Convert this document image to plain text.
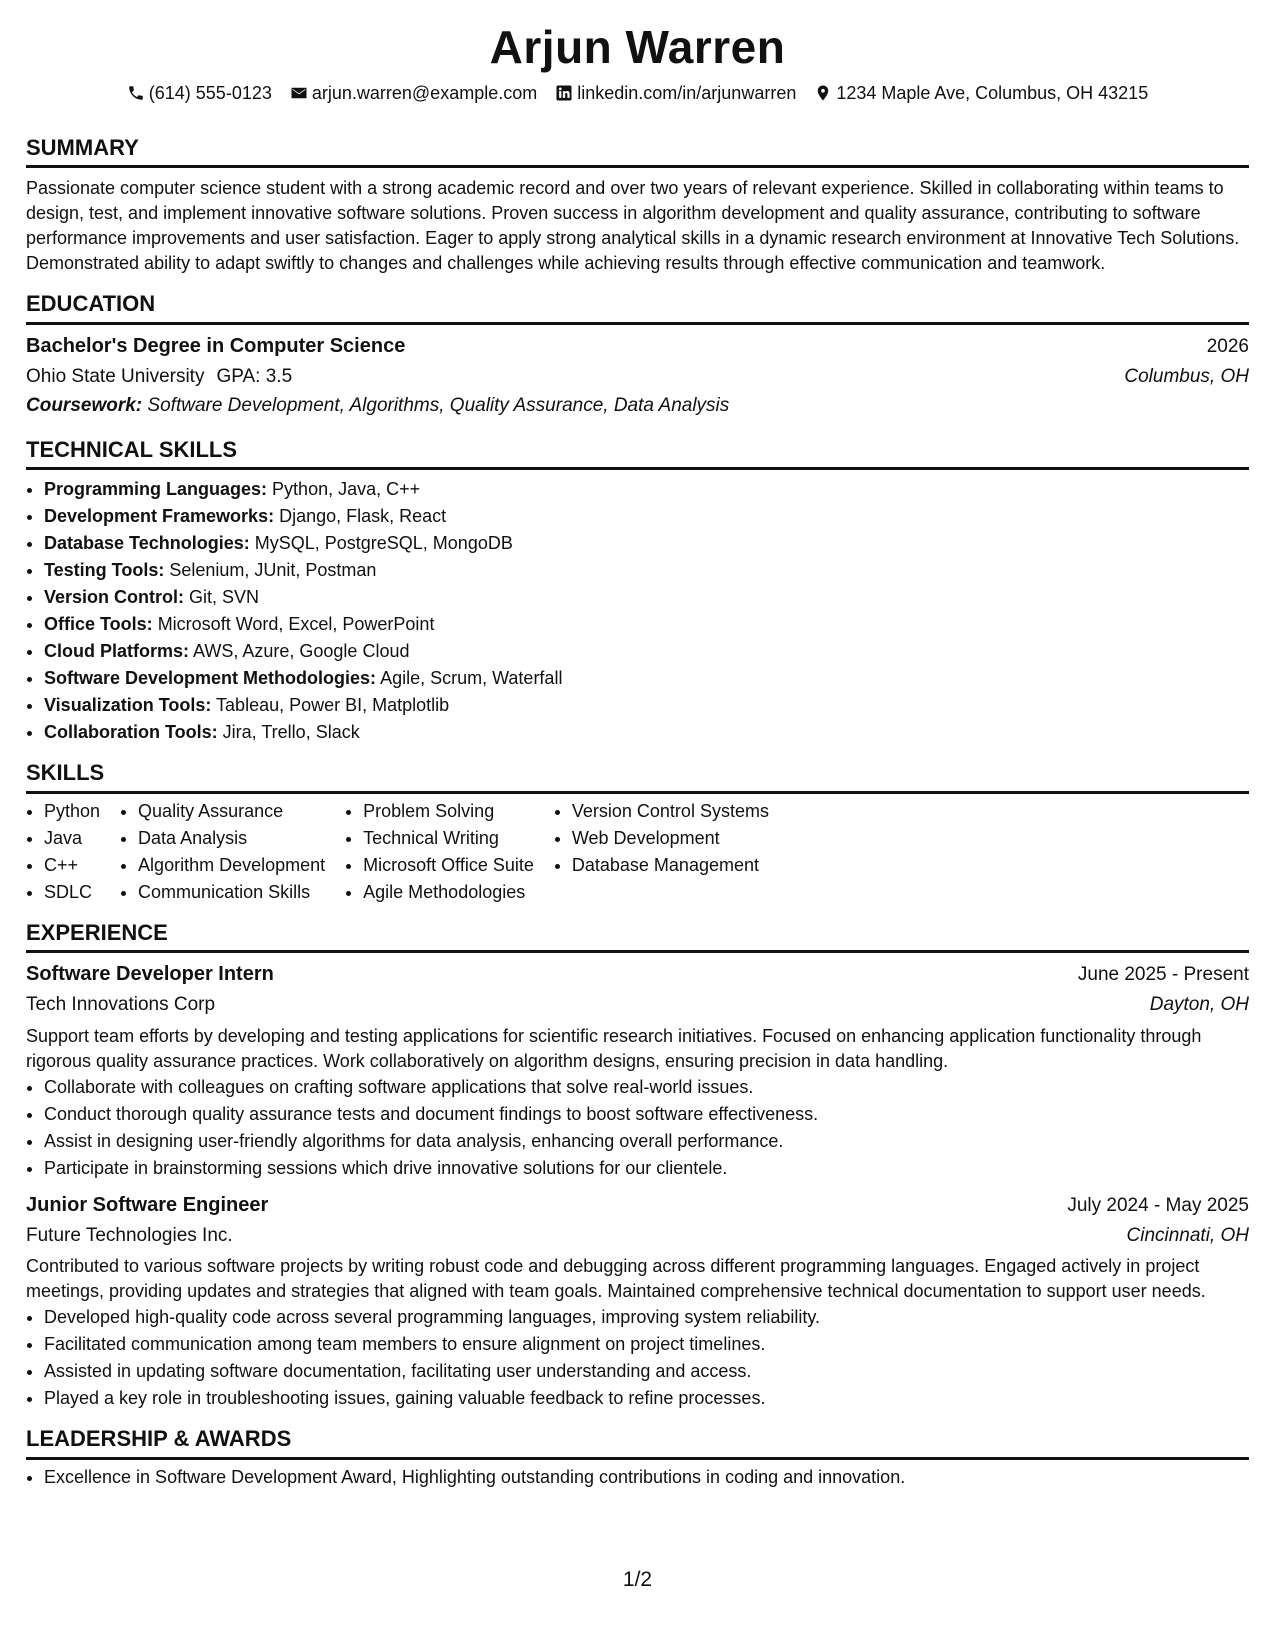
Arjun Warren
(614) 555-0123 arjun.warren@example.com linkedin.com/in/arjunwarren 1234 Maple Ave, Columbus, OH 43215
SUMMARY
Passionate computer science student with a strong academic record and over two years of relevant experience. Skilled in collaborating within teams to design, test, and implement innovative software solutions. Proven success in algorithm development and quality assurance, contributing to software performance improvements and user satisfaction. Eager to apply strong analytical skills in a dynamic research environment at Innovative Tech Solutions. Demonstrated ability to adapt swiftly to changes and challenges while achieving results through effective communication and teamwork.
EDUCATION
Bachelor's Degree in Computer Science	2026
Ohio State University GPA: 3.5	Columbus, OH
Coursework: Software Development, Algorithms, Quality Assurance, Data Analysis
TECHNICAL SKILLS
• Programming Languages: Python, Java, C++
• Development Frameworks: Django, Flask, React
• Database Technologies: MySQL, PostgreSQL, MongoDB
• Testing Tools: Selenium, JUnit, Postman
• Version Control: Git, SVN
• Office Tools: Microsoft Word, Excel, PowerPoint
• Cloud Platforms: AWS, Azure, Google Cloud
• Software Development Methodologies: Agile, Scrum, Waterfall
• Visualization Tools: Tableau, Power BI, Matplotlib
• Collaboration Tools: Jira, Trello, Slack
SKILLS
• Python
• Java
• C++
• SDLC
• Quality Assurance
• Data Analysis
• Algorithm Development
• Communication Skills
• Problem Solving
• Technical Writing
• Microsoft Office Suite
• Agile Methodologies
• Version Control Systems
• Web Development
• Database Management
EXPERIENCE
Software Developer Intern	June 2025 - Present
Tech Innovations Corp	Dayton, OH
Support team efforts by developing and testing applications for scientific research initiatives. Focused on enhancing application functionality through rigorous quality assurance practices. Work collaboratively on algorithm designs, ensuring precision in data handling.
• Collaborate with colleagues on crafting software applications that solve real-world issues.
• Conduct thorough quality assurance tests and document findings to boost software effectiveness.
• Assist in designing user-friendly algorithms for data analysis, enhancing overall performance.
• Participate in brainstorming sessions which drive innovative solutions for our clientele.
Junior Software Engineer	July 2024 - May 2025
Future Technologies Inc.	Cincinnati, OH
Contributed to various software projects by writing robust code and debugging across different programming languages. Engaged actively in project meetings, providing updates and strategies that aligned with team goals. Maintained comprehensive technical documentation to support user needs.
• Developed high-quality code across several programming languages, improving system reliability.
• Facilitated communication among team members to ensure alignment on project timelines.
• Assisted in updating software documentation, facilitating user understanding and access.
• Played a key role in troubleshooting issues, gaining valuable feedback to refine processes.
LEADERSHIP & AWARDS
• Excellence in Software Development Award, Highlighting outstanding contributions in coding and innovation.
1/2
